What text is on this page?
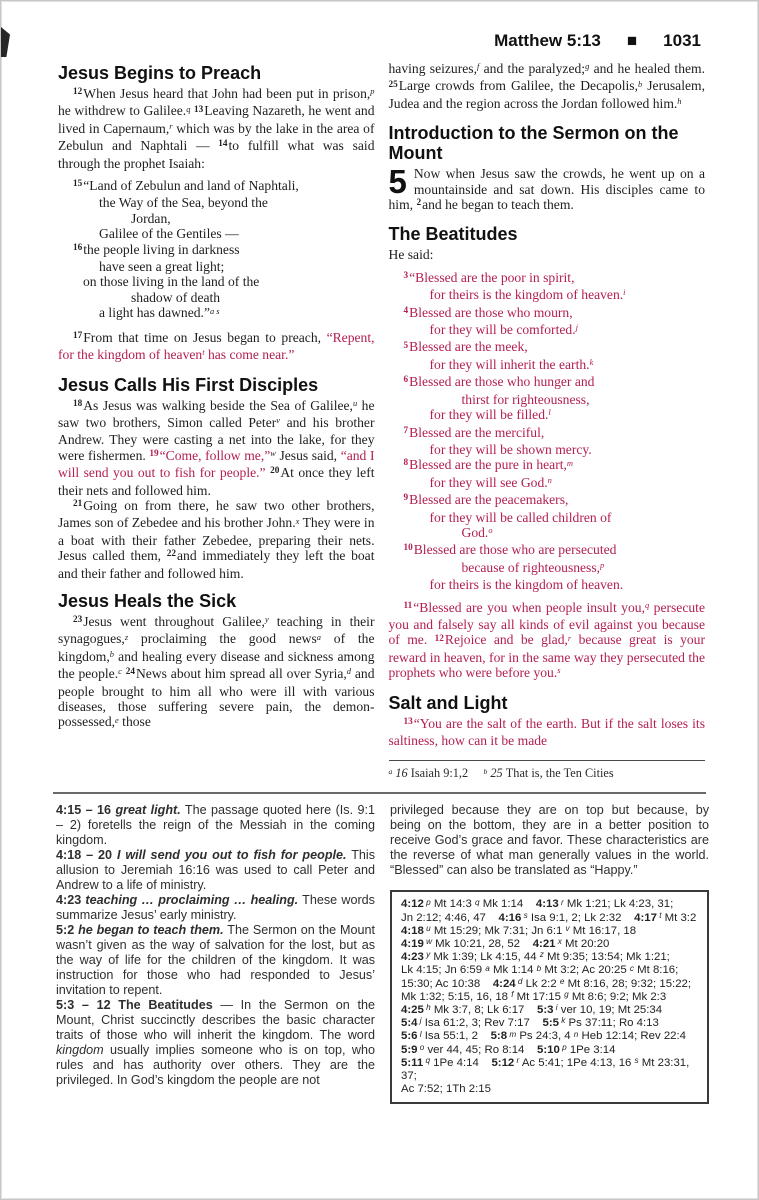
Matthew 5:13 ■ 1031
Jesus Begins to Preach

$^{12}$When Jesus heard that John had been put in prison,$^p$ he withdrew to Galilee.$^q$ $^{13}$Leaving Nazareth, he went and lived in Capernaum,$^r$ which was by the lake in the area of Zebulun and Naphtali — $^{14}$to fulfill what was said through the prophet Isaiah:

$^{15}$“Land of Zebulun and land of Naphtali,
the Way of the Sea, beyond the
Jordan,
Galilee of the Gentiles —
$^{16}$the people living in darkness
have seen a great light;
on those living in the land of the
shadow of death
a light has dawned.”$^{a s}$

$^{17}$From that time on Jesus began to preach, “Repent, for the kingdom of heaven$^t$ has come near.”

Jesus Calls His First Disciples

$^{18}$As Jesus was walking beside the Sea of Galilee,$^u$ he saw two brothers, Simon called Peter$^v$ and his brother Andrew. They were casting a net into the lake, for they were fishermen. $^{19}$“Come, follow me,”$^w$ Jesus said, “and I will send you out to fish for people.” $^{20}$At once they left their nets and followed him.

$^{21}$Going on from there, he saw two other brothers, James son of Zebedee and his brother John.$^x$ They were in a boat with their father Zebedee, preparing their nets. Jesus called them, $^{22}$and immediately they left the boat and their father and followed him.

Jesus Heals the Sick

$^{23}$Jesus went throughout Galilee,$^y$ teaching in their synagogues,$^z$ proclaiming the good news$^a$ of the kingdom,$^b$ and healing every disease and sickness among the people.$^c$ $^{24}$News about him spread all over Syria,$^d$ and people brought to him all who were ill with various diseases, those suffering severe pain, the demon-possessed,$^e$ those

having seizures,$^f$ and the paralyzed;$^g$ and he healed them. $^{25}$Large crowds from Galilee, the Decapolis,$^b$ Jerusalem, Judea and the region across the Jordan followed him.$^h$

Introduction to the Sermon on the Mount

5 Now when Jesus saw the crowds, he went up on a mountainside and sat down. His disciples came to him, $^2$and he began to teach them.

The Beatitudes

He said:

$^3$“Blessed are the poor in spirit,
for theirs is the kingdom of heaven.$^i$
$^4$Blessed are those who mourn,
for they will be comforted.$^j$
$^5$Blessed are the meek,
for they will inherit the earth.$^k$
$^6$Blessed are those who hunger and
thirst for righteousness,
for they will be filled.$^l$
$^7$Blessed are the merciful,
for they will be shown mercy.
$^8$Blessed are the pure in heart,$^m$
for they will see God.$^n$
$^9$Blessed are the peacemakers,
for they will be called children of
God.$^o$
$^{10}$Blessed are those who are persecuted
because of righteousness,$^p$
for theirs is the kingdom of heaven.

$^{11}$“Blessed are you when people insult you,$^q$ persecute you and falsely say all kinds of evil against you because of me. $^{12}$Rejoice and be glad,$^r$ because great is your reward in heaven, for in the same way they persecuted the prophets who were before you.$^s$

Salt and Light

$^{13}$“You are the salt of the earth. But if the salt loses its saltiness, how can it be made

$^a$ 16 Isaiah 9:1,2     $^b$ 25 That is, the Ten Cities

4:15 – 16 great light. The passage quoted here (Is. 9:1 – 2) foretells the reign of the Messiah in the coming kingdom.

4:18 – 20 I will send you out to fish for people. This allusion to Jeremiah 16:16 was used to call Peter and Andrew to a life of ministry.

4:23 teaching … proclaiming … healing. These words summarize Jesus’ early ministry.

5:2 he began to teach them. The Sermon on the Mount wasn’t given as the way of salvation for the lost, but as the way of life for the children of the kingdom. It was instruction for those who had responded to Jesus’ invitation to repent.

5:3 – 12 The Beatitudes — In the Sermon on the Mount, Christ succinctly describes the basic character traits of those who will inherit the kingdom. The word kingdom usually implies someone who is on top, who rules and has authority over others. They are the privileged. In God’s kingdom the people are not

privileged because they are on top but because, by being on the bottom, they are in a better position to receive God’s grace and favor. These characteristics are the reverse of what man generally values in the world. “Blessed” can also be translated as “Happy.”

4:12 $^p$ Mt 14:3 $^q$ Mk 1:14    4:13 $^r$ Mk 1:21; Lk 4:23, 31;
Jn 2:12; 4:46, 47    4:16 $^s$ Isa 9:1, 2; Lk 2:32    4:17 $^t$ Mt 3:2
4:18 $^u$ Mt 15:29; Mk 7:31; Jn 6:1 $^v$ Mt 16:17, 18
4:19 $^w$ Mk 10:21, 28, 52    4:21 $^x$ Mt 20:20
4:23 $^y$ Mk 1:39; Lk 4:15, 44 $^z$ Mt 9:35; 13:54; Mk 1:21;
Lk 4:15; Jn 6:59 $^a$ Mk 1:14 $^b$ Mt 3:2; Ac 20:25 $^c$ Mt 8:16;
15:30; Ac 10:38    4:24 $^d$ Lk 2:2 $^e$ Mt 8:16, 28; 9:32; 15:22;
Mk 1:32; 5:15, 16, 18 $^f$ Mt 17:15 $^g$ Mt 8:6; 9:2; Mk 2:3
4:25 $^h$ Mk 3:7, 8; Lk 6:17    5:3 $^i$ ver 10, 19; Mt 25:34
5:4 $^j$ Isa 61:2, 3; Rev 7:17    5:5 $^k$ Ps 37:11; Ro 4:13
5:6 $^l$ Isa 55:1, 2    5:8 $^m$ Ps 24:3, 4 $^n$ Heb 12:14; Rev 22:4
5:9 $^o$ ver 44, 45; Ro 8:14    5:10 $^p$ 1Pe 3:14
5:11 $^q$ 1Pe 4:14    5:12 $^r$ Ac 5:41; 1Pe 4:13, 16 $^s$ Mt 23:31, 37;
Ac 7:52; 1Th 2:15
